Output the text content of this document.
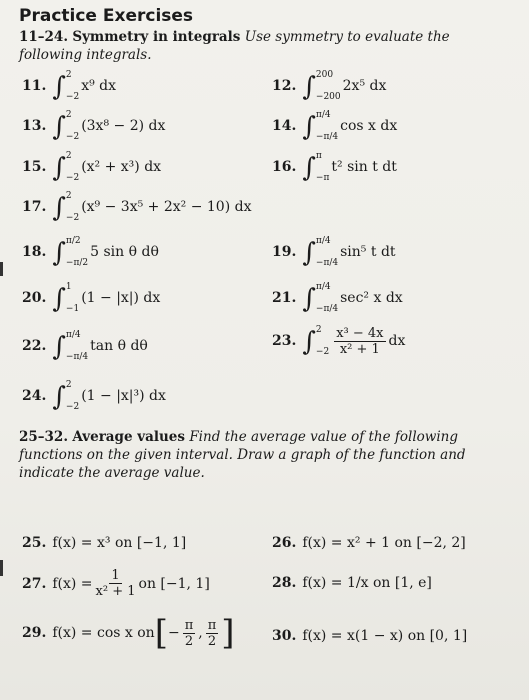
Practice Exercises
11–24. Symmetry in integrals Use symmetry to evaluate the following integrals.
11. ∫ 2
−2
x⁹ dx	12. ∫ 200
−200
2x⁵ dx
13. ∫ 2
−2
(3x⁸ − 2) dx	14. ∫ π/4
−π/4
cos x dx
15. ∫ 2
−2
(x² + x³) dx	16. ∫ π
−π
t² sin t dt
17. ∫ 2
−2
(x⁹ − 3x⁵ + 2x² − 10) dx
18. ∫ π/2
−π/2
5 sin θ dθ	19. ∫ π/4
−π/4
sin⁵ t dt
20. ∫ 1
−1
(1 − |x|) dx	21. ∫ π/4
−π/4
sec² x dx
22. ∫ π/4
−π/4
tan θ dθ	23. ∫ 2
$-2 \frac{\text{x³ − 4x}}{\text{x² + 1}}$ dx
24. ∫ 2
−2
(1 − |x|³) dx
25–32. Average values Find the average value of the following functions on the given interval. Draw a graph of the function and indicate the average value.
25. f(x) = x³ on [−1, 1]	26. f(x) = x² + 1 on [−2, 2]
27. $f(x) = \frac{1}{\text{x² + 1}}$ on [−1, 1]	28. f(x) = 1/x on [1, e]
29. f(x) = cos x on [ − $\frac{\pi}{2}$ , $\frac{\pi}{2}$ ]	30. f(x) = x(1 − x) on [0, 1]
